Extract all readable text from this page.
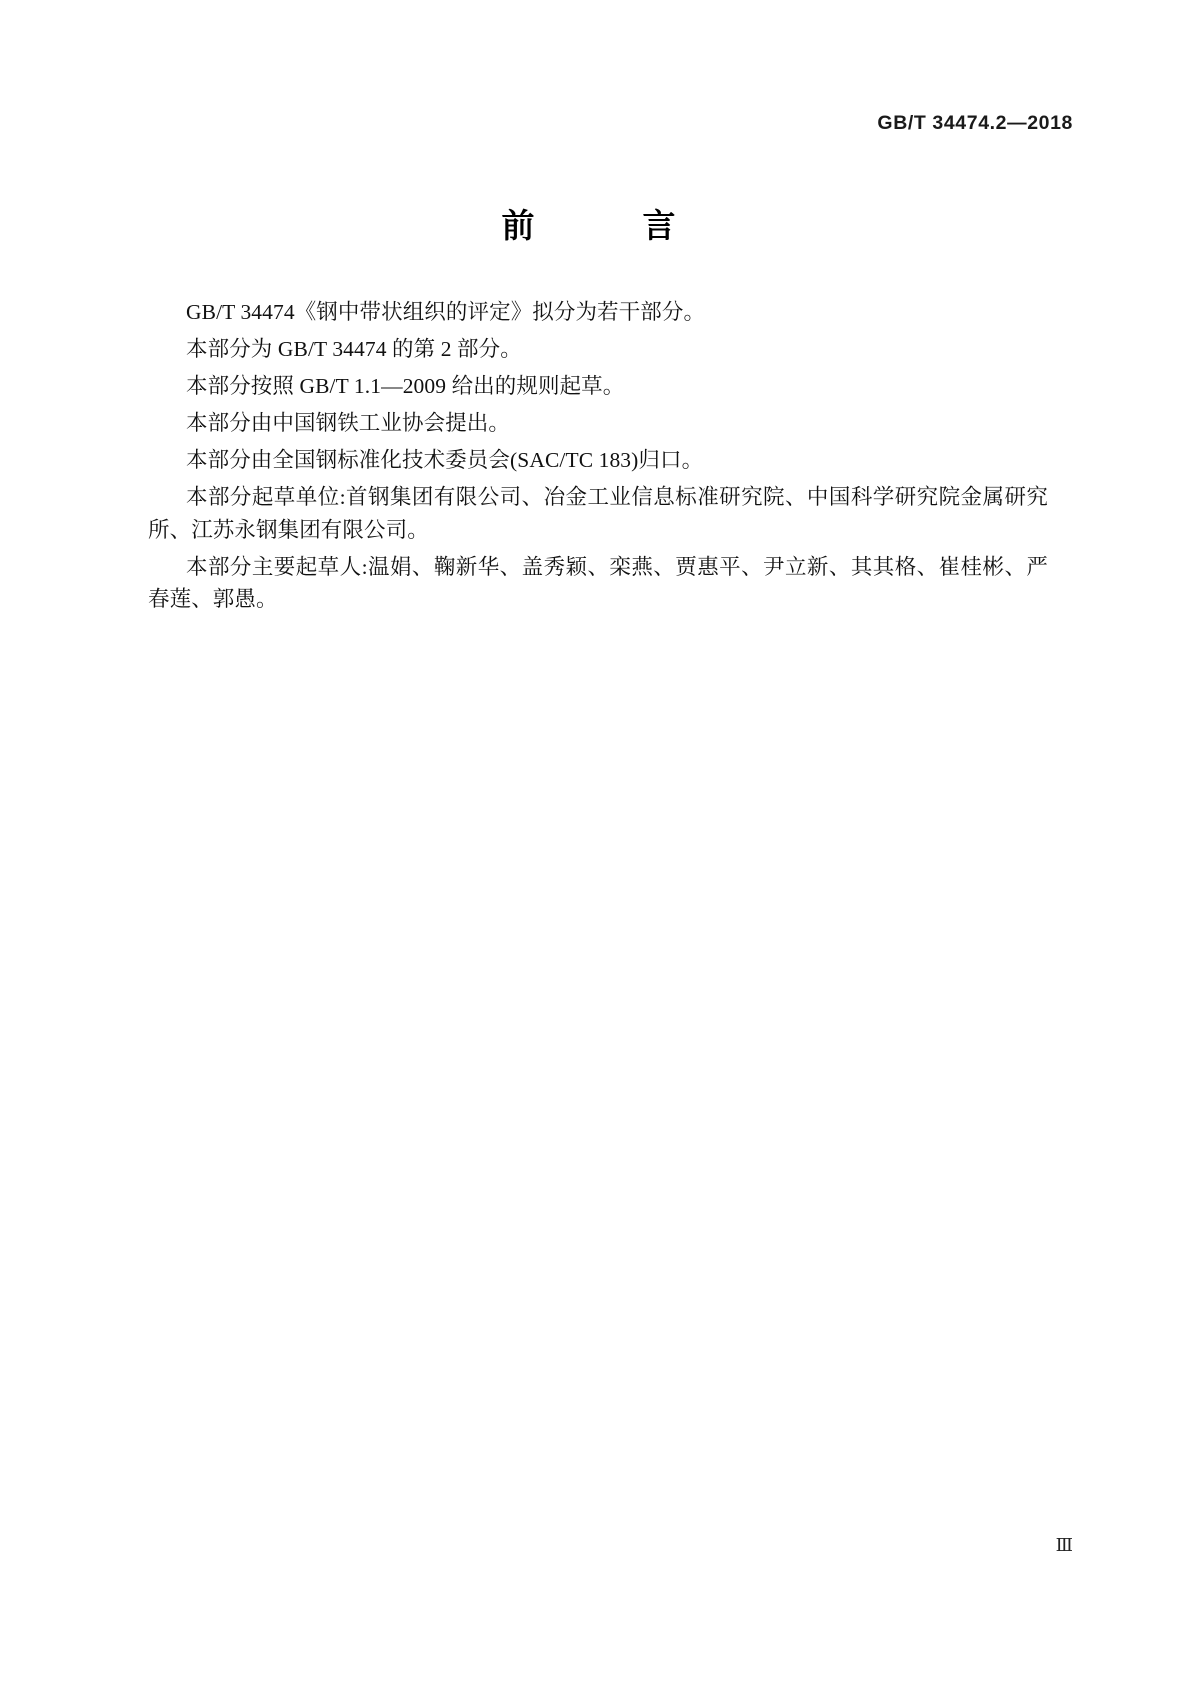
GB/T 34474.2—2018
前　　言

GB/T 34474《钢中带状组织的评定》拟分为若干部分。

本部分为 GB/T 34474 的第 2 部分。

本部分按照 GB/T 1.1—2009 给出的规则起草。

本部分由中国钢铁工业协会提出。

本部分由全国钢标准化技术委员会(SAC/TC 183)归口。

本部分起草单位:首钢集团有限公司、冶金工业信息标准研究院、中国科学研究院金属研究所、江苏永钢集团有限公司。

本部分主要起草人:温娟、鞠新华、盖秀颖、栾燕、贾惠平、尹立新、其其格、崔桂彬、严春莲、郭愚。

Ⅲ
